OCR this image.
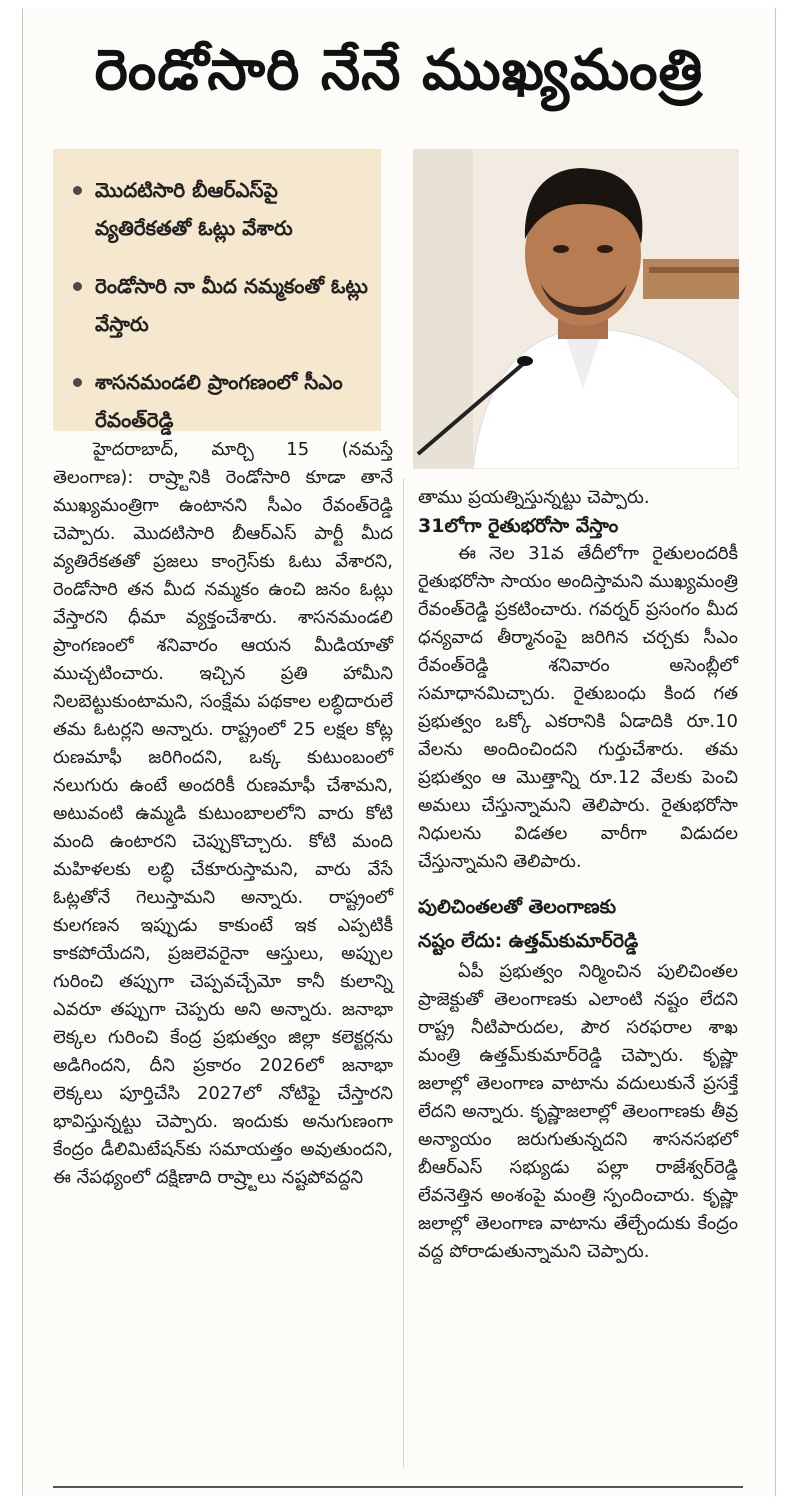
రెండోసారి నేనే ముఖ్యమంత్రి
మొదటిసారి బీఆర్‌ఎస్‌పై వ్యతిరేకతతో ఓట్లు వేశారు
రెండోసారి నా మీద నమ్మకంతో ఓట్లు వేస్తారు
శాసనమండలి ప్రాంగణంలో సీఎం రేవంత్‌రెడ్డి

హైదరాబాద్‌, మార్చి 15 (నమస్తే తెలంగాణ): రాష్ర్టానికి రెండోసారి కూడా తానే ముఖ్యమంత్రిగా ఉంటానని సీఎం రేవంత్‌రెడ్డి చెప్పారు. మొదటిసారి బీఆర్‌ఎస్‌ పార్టీ మీద వ్యతిరేకతతో ప్రజలు కాంగ్రెస్‌కు ఓటు వేశారని, రెండోసారి తన మీద నమ్మకం ఉంచి జనం ఓట్లు వేస్తారని ధీమా వ్యక్తంచేశారు. శాసనమండలి ప్రాంగణంలో శనివారం ఆయన మీడియాతో ముచ్చటించారు. ఇచ్చిన ప్రతి హామీని నిలబెట్టుకుంటామని, సంక్షేమ పథకాల లబ్ధిదారులే తమ ఓటర్లని అన్నారు. రాష్ట్రంలో 25 లక్షల కోట్ల రుణమాఫీ జరిగిందని, ఒక్క కుటుంబంలో నలుగురు ఉంటే అందరికీ రుణమాఫీ చేశామని, అటువంటి ఉమ్మడి కుటుంబాలలోని వారు కోటి మంది ఉంటారని చెప్పుకొచ్చారు. కోటి మంది మహిళలకు లబ్ధి చేకూరుస్తామని, వారు వేసే ఓట్లతోనే గెలుస్తామని అన్నారు. రాష్ట్రంలో కులగణన ఇప్పుడు కాకుంటే ఇక ఎప్పటికీ కాకపోయేదని, ప్రజలెవరైనా ఆస్తులు, అప్పుల గురించి తప్పుగా చెప్పవచ్చేమో కానీ కులాన్ని ఎవరూ తప్పుగా చెప్పరు అని అన్నారు. జనాభా లెక్కల గురించి కేంద్ర ప్రభుత్వం జిల్లా కలెక్టర్లను అడిగిందని, దీని ప్రకారం 2026లో జనాభా లెక్కలు పూర్తిచేసి 2027లో నోటిఫై చేస్తారని భావిస్తున్నట్టు చెప్పారు. ఇందుకు అనుగుణంగా కేంద్రం డీలిమిటేషన్‌కు సమాయత్తం అవుతుందని, ఈ నేపథ్యంలో దక్షిణాది రాష్ర్టాలు నష్టపోవద్దని

తాము ప్రయత్నిస్తున్నట్టు చెప్పారు.

31లోగా రైతుభరోసా వేస్తాం

ఈ నెల 31వ తేదీలోగా రైతులందరికీ రైతుభరోసా సాయం అందిస్తామని ముఖ్యమంత్రి రేవంత్‌రెడ్డి ప్రకటించారు. గవర్నర్‌ ప్రసంగం మీద ధన్యవాద తీర్మానంపై జరిగిన చర్చకు సీఎం రేవంత్‌రెడ్డి శనివారం అసెంబ్లీలో సమాధానమిచ్చారు. రైతుబంధు కింద గత ప్రభుత్వం ఒక్కో ఎకరానికి ఏడాదికి రూ.10 వేలను అందించిందని గుర్తుచేశారు. తమ ప్రభుత్వం ఆ మొత్తాన్ని రూ.12 వేలకు పెంచి అమలు చేస్తున్నామని తెలిపారు. రైతుభరోసా నిధులను విడతల వారీగా విడుదల చేస్తున్నామని తెలిపారు.

పులిచింతలతో తెలంగాణకు
నష్టం లేదు: ఉత్తమ్‌కుమార్‌రెడ్డి

ఏపీ ప్రభుత్వం నిర్మించిన పులిచింతల ప్రాజెక్టుతో తెలంగాణకు ఎలాంటి నష్టం లేదని రాష్ట్ర నీటిపారుదల, పౌర సరఫరాల శాఖ మంత్రి ఉత్తమ్‌కుమార్‌రెడ్డి చెప్పారు. కృష్ణా జలాల్లో తెలంగాణ వాటాను వదులుకునే ప్రసక్తే లేదని అన్నారు. కృష్ణాజలాల్లో తెలంగాణకు తీవ్ర అన్యాయం జరుగుతున్నదని శాసనసభలో బీఆర్‌ఎస్‌ సభ్యుడు పల్లా రాజేశ్వర్‌రెడ్డి లేవనెత్తిన అంశంపై మంత్రి స్పందించారు. కృష్ణా జలాల్లో తెలంగాణ వాటాను తేల్చేందుకు కేంద్రం వద్ద పోరాడుతున్నామని చెప్పారు.
